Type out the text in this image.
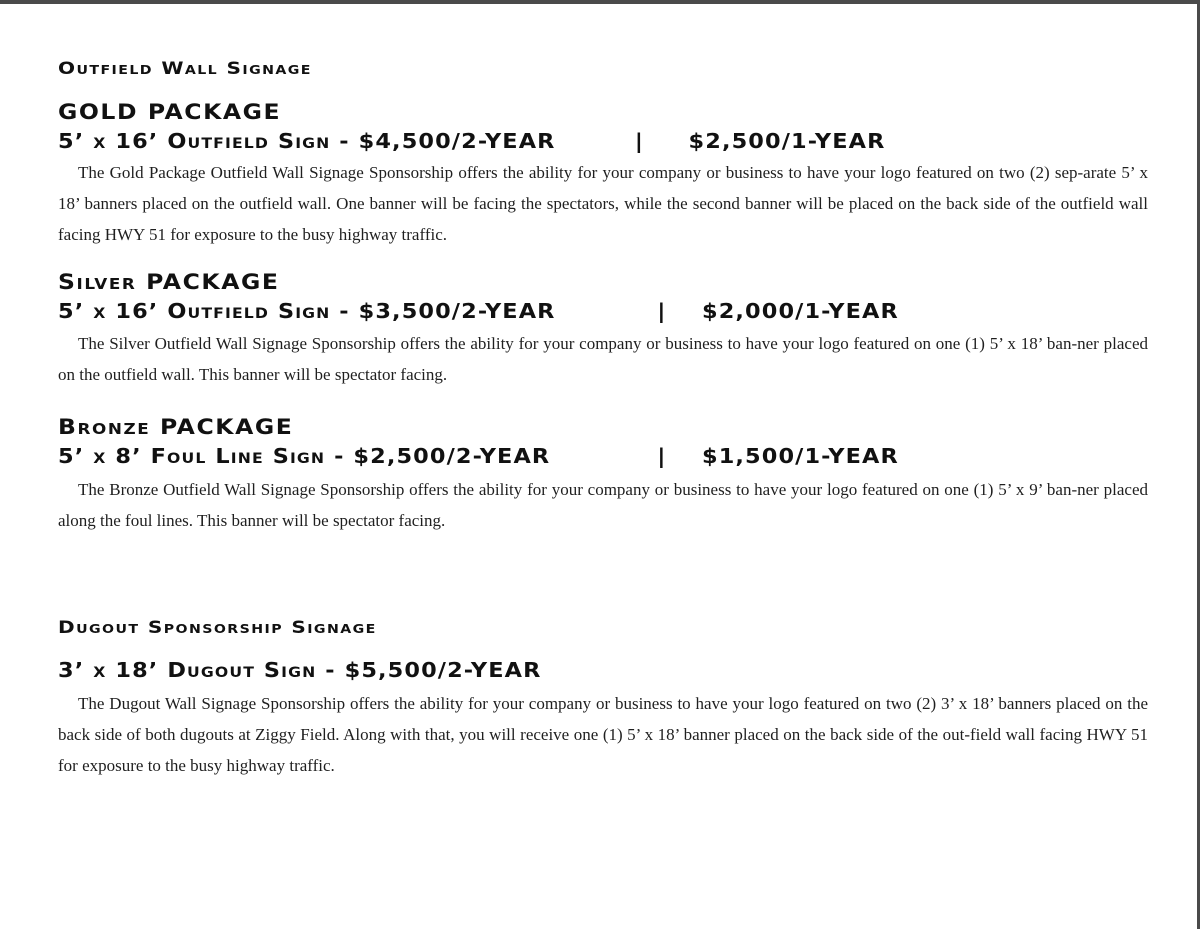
Outfield Wall Signage
GOLD PACKAGE
5’ x 16’ Outfield Sign - $4,500/2-YEAR	|	$2,500/1-YEAR

The Gold Package Outfield Wall Signage Sponsorship offers the ability for your company or business to have your logo featured on two (2) sep-arate 5’ x 18’ banners placed on the outfield wall. One banner will be facing the spectators, while the second banner will be placed on the back side of the outfield wall facing HWY 51 for exposure to the busy highway traffic.

Silver PACKAGE
5’ x 16’ Outfield Sign - $3,500/2-YEAR	|	$2,000/1-YEAR

The Silver Outfield Wall Signage Sponsorship offers the ability for your company or business to have your logo featured on one (1) 5’ x 18’ ban-ner placed on the outfield wall. This banner will be spectator facing.

Bronze PACKAGE
5’ x 8’ Foul Line Sign - $2,500/2-YEAR	|	$1,500/1-YEAR

The Bronze Outfield Wall Signage Sponsorship offers the ability for your company or business to have your logo featured on one (1) 5’ x 9’ ban-ner placed along the foul lines. This banner will be spectator facing.

Dugout Sponsorship Signage
3’ x 18’ Dugout Sign - $5,500/2-YEAR

The Dugout Wall Signage Sponsorship offers the ability for your company or business to have your logo featured on two (2) 3’ x 18’ banners placed on the back side of both dugouts at Ziggy Field. Along with that, you will receive one (1) 5’ x 18’ banner placed on the back side of the out-field wall facing HWY 51 for exposure to the busy highway traffic.
